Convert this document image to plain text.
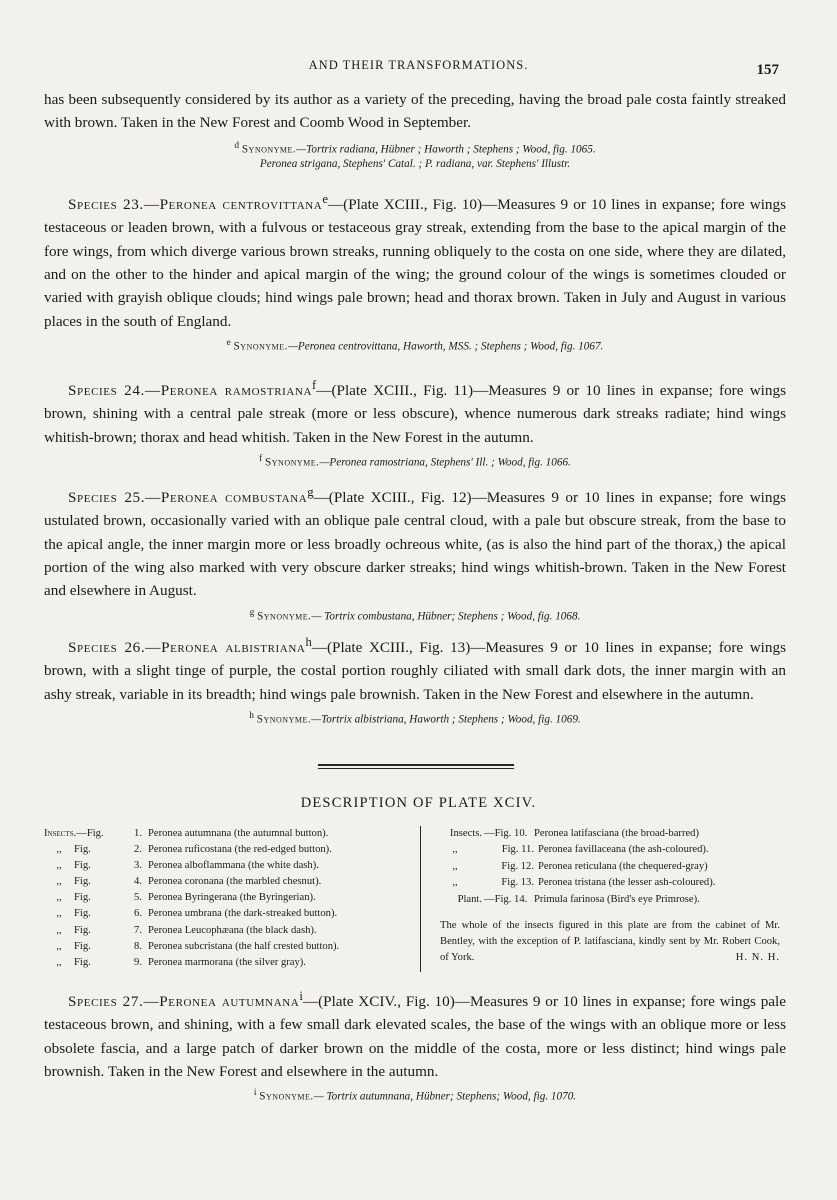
AND THEIR TRANSFORMATIONS.	157

has been subsequently considered by its author as a variety of the preceding, having the broad pale costa faintly streaked with brown. Taken in the New Forest and Coomb Wood in September.

$^d$ Synonyme.—Tortrix radiana, Hübner ; Haworth ; Stephens ; Wood, fig. 1065.
Peronea strigana, Stephens' Catal. ; P. radiana, var. Stephens' Illustr.

Species 23.—Peronea centrovittana$^e$—(Plate XCIII., Fig. 10)—Measures 9 or 10 lines in expanse; fore wings testaceous or leaden brown, with a fulvous or testaceous gray streak, extending from the base to the apical margin of the fore wings, from which diverge various brown streaks, running obliquely to the costa on one side, where they are dilated, and on the other to the hinder and apical margin of the wing; the ground colour of the wings is sometimes clouded or varied with grayish oblique clouds; hind wings pale brown; head and thorax brown. Taken in July and August in various places in the south of England.

$^e$ Synonyme.—Peronea centrovittana, Haworth, MSS. ; Stephens ; Wood, fig. 1067.

Species 24.—Peronea ramostriana$^f$—(Plate XCIII., Fig. 11)—Measures 9 or 10 lines in expanse; fore wings brown, shining with a central pale streak (more or less obscure), whence numerous dark streaks radiate; hind wings whitish-brown; thorax and head whitish. Taken in the New Forest in the autumn.

$^f$ Synonyme.—Peronea ramostriana, Stephens' Ill. ; Wood, fig. 1066.

Species 25.—Peronea combustana$^g$—(Plate XCIII., Fig. 12)—Measures 9 or 10 lines in expanse; fore wings ustulated brown, occasionally varied with an oblique pale central cloud, with a pale but obscure streak, from the base to the apical angle, the inner margin more or less broadly ochreous white, (as is also the hind part of the thorax,) the apical portion of the wing also marked with very obscure darker streaks; hind wings whitish-brown. Taken in the New Forest and elsewhere in August.

$^g$ Synonyme.— Tortrix combustana, Hübner; Stephens ; Wood, fig. 1068.

Species 26.—Peronea albistriana$^h$—(Plate XCIII., Fig. 13)—Measures 9 or 10 lines in expanse; fore wings brown, with a slight tinge of purple, the costal portion roughly ciliated with small dark dots, the inner margin with an ashy streak, variable in its breadth; hind wings pale brownish. Taken in the New Forest and elsewhere in the autumn.

$^h$ Synonyme.—Tortrix albistriana, Haworth ; Stephens ; Wood, fig. 1069.

DESCRIPTION OF PLATE XCIV.
Insects.—Fig.	1. Peronea autumnana (the autumnal button).
,, Fig.	2. Peronea ruficostana (the red-edged button).
,, Fig.	3. Peronea alboflammana (the white dash).
,, Fig.	4. Peronea coronana (the marbled chesnut).
,, Fig.	5. Peronea Byringerana (the Byringerian).
,, Fig.	6. Peronea umbrana (the dark-streaked button).
,, Fig.	7. Peronea Leucophæana (the black dash).
,, Fig.	8. Peronea subcristana (the half crested button).
,, Fig.	9. Peronea marmorana (the silver gray).
Insects. —Fig. 10. Peronea latifasciana (the broad-barred)
,,	Fig. 11. Peronea favillaceana (the ash-coloured).
,,	Fig. 12. Peronea reticulana (the chequered-gray)
,,	Fig. 13. Peronea tristana (the lesser ash-coloured).
Plant. —Fig. 14. Primula farinosa (Bird's eye Primrose).
The whole of the insects figured in this plate are from the cabinet of Mr. Bentley, with the exception of P. latifasciana, kindly sent by Mr. Robert Cook, of York.	H. N. H.

Species 27.—Peronea autumnana$^i$—(Plate XCIV., Fig. 10)—Measures 9 or 10 lines in expanse; fore wings pale testaceous brown, and shining, with a few small dark elevated scales, the base of the wings with an oblique more or less obsolete fascia, and a large patch of darker brown on the middle of the costa, more or less distinct; hind wings pale brownish. Taken in the New Forest and elsewhere in the autumn.

$^i$ Synonyme.— Tortrix autumnana, Hübner; Stephens; Wood, fig. 1070.
